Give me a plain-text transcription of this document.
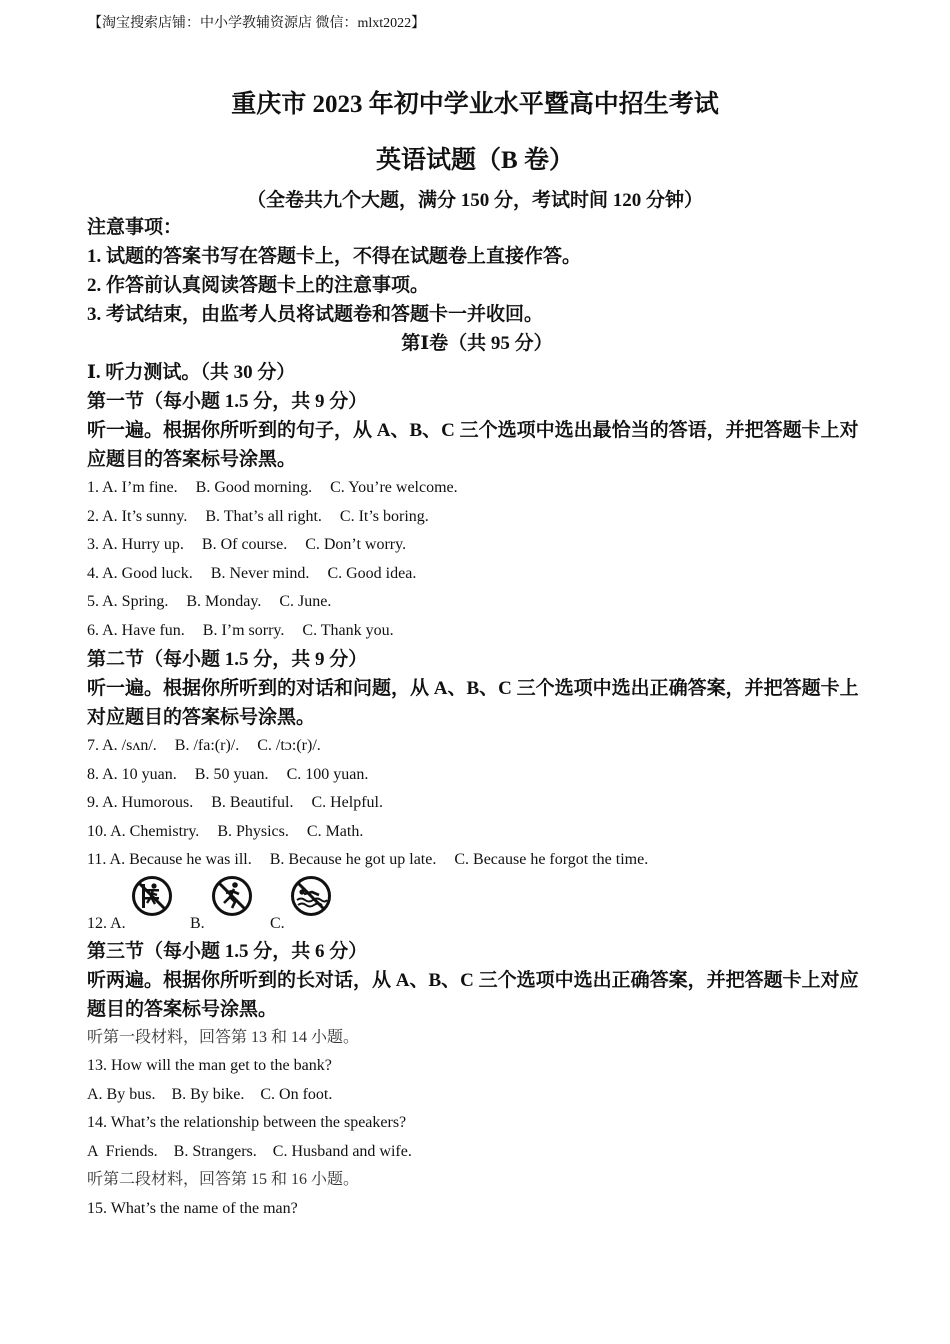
【淘宝搜索店铺：中小学教辅资源店 微信：mlxt2022】
重庆市 2023 年初中学业水平暨高中招生考试
英语试题（B 卷）
（全卷共九个大题，满分 150 分，考试时间 120 分钟）
注意事项：
1. 试题的答案书写在答题卡上，不得在试题卷上直接作答。
2. 作答前认真阅读答题卡上的注意事项。
3. 考试结束，由监考人员将试题卷和答题卡一并收回。
第Ⅰ卷（共 95 分）
Ⅰ. 听力测试。（共 30 分）
第一节（每小题 1.5 分，共 9 分）
听一遍。根据你所听到的句子，从 A、B、C 三个选项中选出最恰当的答语，并把答题卡上对应题目的答案标号涂黑。
1. A. I’m fine. B. Good morning. C. You’re welcome.
2. A. It’s sunny. B. That’s all right. C. It’s boring.
3. A. Hurry up. B. Of course. C. Don’t worry.
4. A. Good luck. B. Never mind. C. Good idea.
5. A. Spring. B. Monday. C. June.
6. A. Have fun. B. I’m sorry. C. Thank you.
第二节（每小题 1.5 分，共 9 分）
听一遍。根据你所听到的对话和问题，从 A、B、C 三个选项中选出正确答案，并把答题卡上对应题目的答案标号涂黑。
7. A. /sʌn/. B. /fa:(r)/. C. /tɔ:(r)/.
8. A. 10 yuan. B. 50 yuan. C. 100 yuan.
9. A. Humorous. B. Beautiful. C. Helpful.
10. A. Chemistry. B. Physics. C. Math.
11. A. Because he was ill. B. Because he got up late. C. Because he forgot the time.
12. A.	B.	C.
第三节（每小题 1.5 分，共 6 分）
听两遍。根据你所听到的长对话，从 A、B、C 三个选项中选出正确答案，并把答题卡上对应题目的答案标号涂黑。
听第一段材料，回答第 13 和 14 小题。
13. How will the man get to the bank?
A. By bus.    B. By bike.    C. On foot.
14. What’s the relationship between the speakers?
A  Friends.    B. Strangers.    C. Husband and wife.
听第二段材料，回答第 15 和 16 小题。
15. What’s the name of the man?
